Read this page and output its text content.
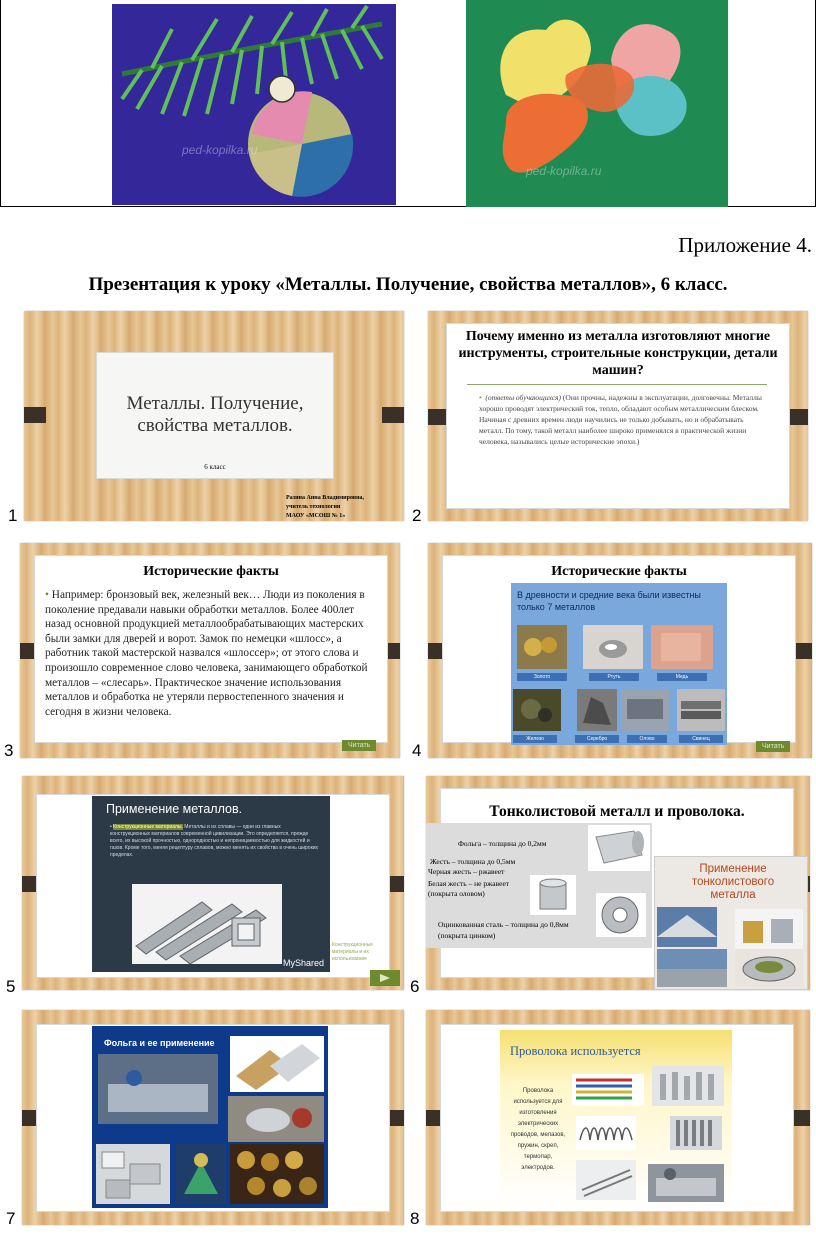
ped-kopilka.ru
ped-kopilka.ru
Приложение 4.
Презентация к уроку «Металлы. Получение, свойства металлов», 6 класс.
1
Металлы. Получение, свойства металлов.
6 класс
Разина Анна Владимировна,
учитель технологии
МАОУ «МСОШ № 1»	2
Почему именно из металла изготовляют многие инструменты, строительные конструкции, детали машин?
•  (ответы обучающихся) (Они прочны, надежны в эксплуатации, долговечны. Металлы хорошо проводят электрический ток, тепло, обладают особым металлическим блеском. Начиная с древних времен люди научились не только добывать, но и обрабатывать металл. По тому, такой металл наиболее широко применялся в практической жизни человека, назывались целые исторические эпохи.)
3
Исторические факты
• Например: бронзовый век, железный век… Люди из поколения в поколение предавали навыки обработки металлов. Более 400лет назад основной продукцией металлообрабатывающих мастерских были замки для дверей и ворот. Замок по немецки «шлосс», а работник такой мастерской назвался «шлоссер»; от этого слова и произошло современное слово человека, занимающего обработкой металлов – «слесарь». Практическое значение использования металлов и обработка не утеряли первостепенного значения и сегодня в жизни человека.
Читать	4
Исторические факты
В древности и средние века были известны только 7 металлов
Золото	Ртуть	Медь
Железо	Серебро	Олово	Свинец
Читать
5
Применение металлов.
• Конструкционные материалы. Металлы и их сплавы — одни из главных конструкционных материалов современной цивилизации. Это определяется, прежде всего, их высокой прочностью, однородностью и непроницаемостью для жидкостей и газов. Кроме того, меняя рецептуру сплавов, можно менять их свойства в очень широких пределах.
MyShared
Конструкционные материалы и их использование
6
Тонколистовой металл и проволока.
Фольга – толщина до 0,2мм
Жесть – толщина до 0,5мм
Черная жесть – ржавеет
Белая жесть – не ржавеет
(покрыта оловом)
Оцинкованная сталь – толщина до 0,8мм
(покрыта цинком)
Применение тонколистового металла
7
Фольга и ее применение
8
Проволока используется
Проволока используется для изготовления электрических проводов, мелазов, пружин, скреп, термопар, электродов.
